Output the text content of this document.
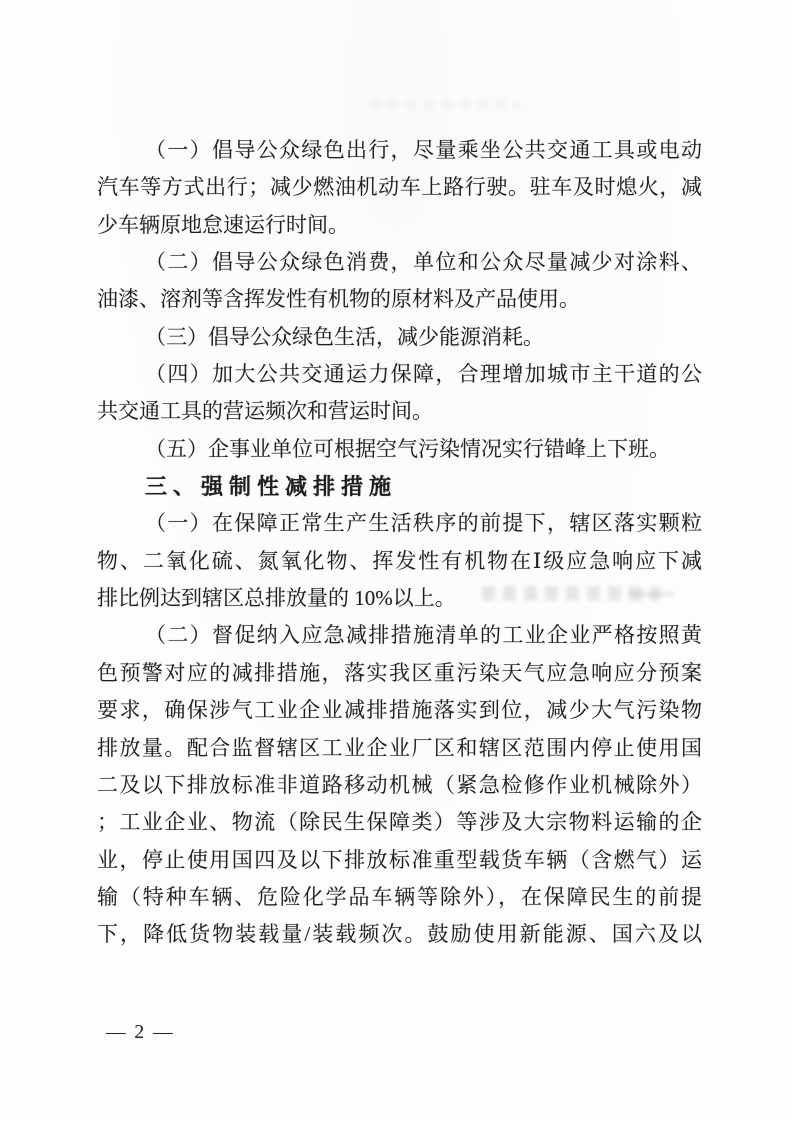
（一）倡导公众绿色出行，尽量乘坐公共交通工具或电动

汽车等方式出行；减少燃油机动车上路行驶。驻车及时熄火，减

少车辆原地怠速运行时间。

（二）倡导公众绿色消费，单位和公众尽量减少对涂料、

油漆、溶剂等含挥发性有机物的原材料及产品使用。

（三）倡导公众绿色生活，减少能源消耗。

（四）加大公共交通运力保障，合理增加城市主干道的公

共交通工具的营运频次和营运时间。

（五）企事业单位可根据空气污染情况实行错峰上下班。

三、强制性减排措施

（一）在保障正常生产生活秩序的前提下，辖区落实颗粒

物、二氧化硫、氮氧化物、挥发性有机物在Ⅰ级应急响应下减

排比例达到辖区总排放量的 10%以上。

（二）督促纳入应急减排措施清单的工业企业严格按照黄

色预警对应的减排措施，落实我区重污染天气应急响应分预案

要求，确保涉气工业企业减排措施落实到位，减少大气污染物

排放量。配合监督辖区工业企业厂区和辖区范围内停止使用国

二及以下排放标准非道路移动机械（紧急检修作业机械除外）

；工业企业、物流（除民生保障类）等涉及大宗物料运输的企

业，停止使用国四及以下排放标准重型载货车辆（含燃气）运

输（特种车辆、危险化学品车辆等除外），在保障民生的前提

下，降低货物装载量/装载频次。鼓励使用新能源、国六及以

— 2 —
